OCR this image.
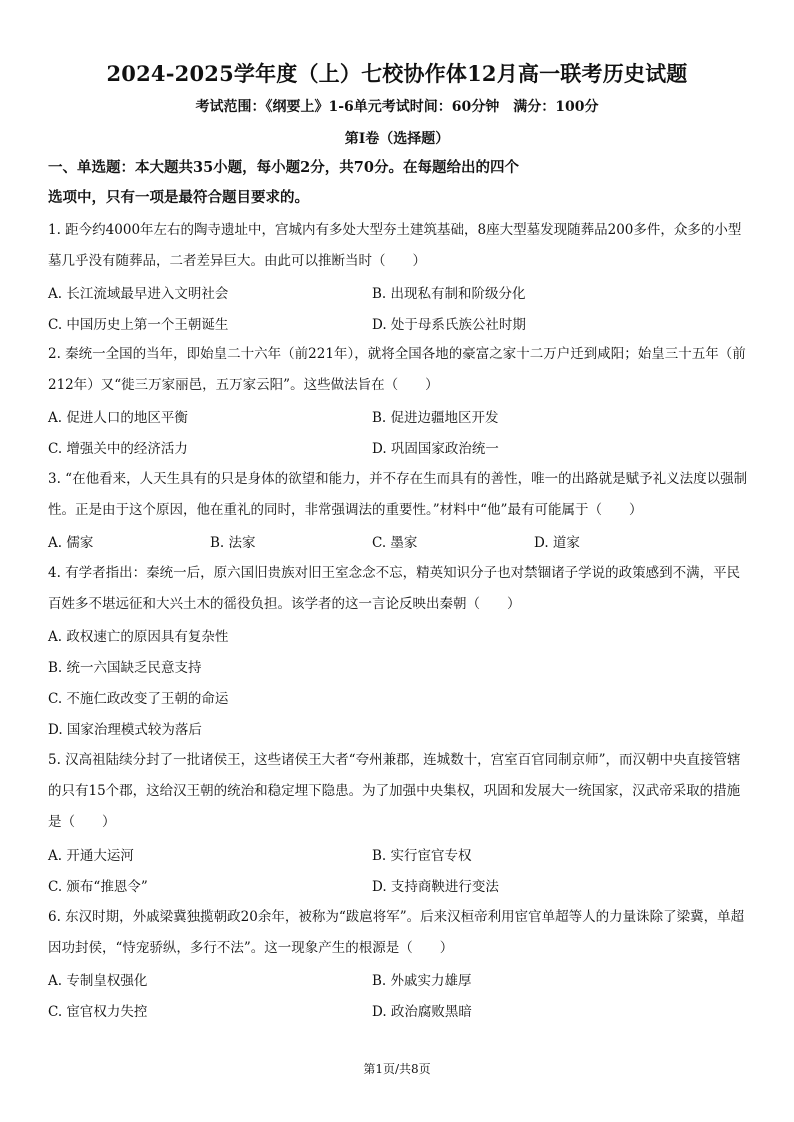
2024-2025学年度（上）七校协作体12月高一联考历史试题
考试范围：《纲要上》1-6单元考试时间：60分钟　满分：100分
第Ⅰ卷（选择题）
一、单选题：本大题共35小题，每小题2分，共70分。在每题给出的四个
选项中，只有一项是最符合题目要求的。
1. 距今约4000年左右的陶寺遗址中，宫城内有多处大型夯土建筑基础，8座大型墓发现随葬品200多件，众多的小型墓几乎没有随葬品，二者差异巨大。由此可以推断当时（　　）
A. 长江流域最早进入文明社会	B. 出现私有制和阶级分化
C. 中国历史上第一个王朝诞生	D. 处于母系氏族公社时期
2. 秦统一全国的当年，即始皇二十六年（前221年），就将全国各地的豪富之家十二万户迁到咸阳；始皇三十五年（前212年）又“徙三万家丽邑，五万家云阳”。这些做法旨在（　　）
A. 促进人口的地区平衡	B. 促进边疆地区开发
C. 增强关中的经济活力	D. 巩固国家政治统一
3. “在他看来，人天生具有的只是身体的欲望和能力，并不存在生而具有的善性，唯一的出路就是赋予礼义法度以强制性。正是由于这个原因，他在重礼的同时，非常强调法的重要性。”材料中“他”最有可能属于（　　）
A. 儒家	B. 法家	C. 墨家	D. 道家
4. 有学者指出：秦统一后，原六国旧贵族对旧王室念念不忘，精英知识分子也对禁锢诸子学说的政策感到不满，平民百姓多不堪远征和大兴土木的徭役负担。该学者的这一言论反映出秦朝（　　）
A. 政权速亡的原因具有复杂性
B. 统一六国缺乏民意支持
C. 不施仁政改变了王朝的命运
D. 国家治理模式较为落后
5. 汉高祖陆续分封了一批诸侯王，这些诸侯王大者“夸州兼郡，连城数十，宫室百官同制京师”，而汉朝中央直接管辖的只有15个郡，这给汉王朝的统治和稳定埋下隐患。为了加强中央集权，巩固和发展大一统国家，汉武帝采取的措施是（　　）
A. 开通大运河	B. 实行宦官专权
C. 颁布“推恩令”	D. 支持商鞅进行变法
6. 东汉时期，外戚梁冀独揽朝政20余年，被称为“跋扈将军”。后来汉桓帝利用宦官单超等人的力量诛除了梁冀，单超因功封侯，“恃宠骄纵，多行不法”。这一现象产生的根源是（　　）
A. 专制皇权强化	B. 外戚实力雄厚
C. 宦官权力失控	D. 政治腐败黑暗
第1页/共8页
